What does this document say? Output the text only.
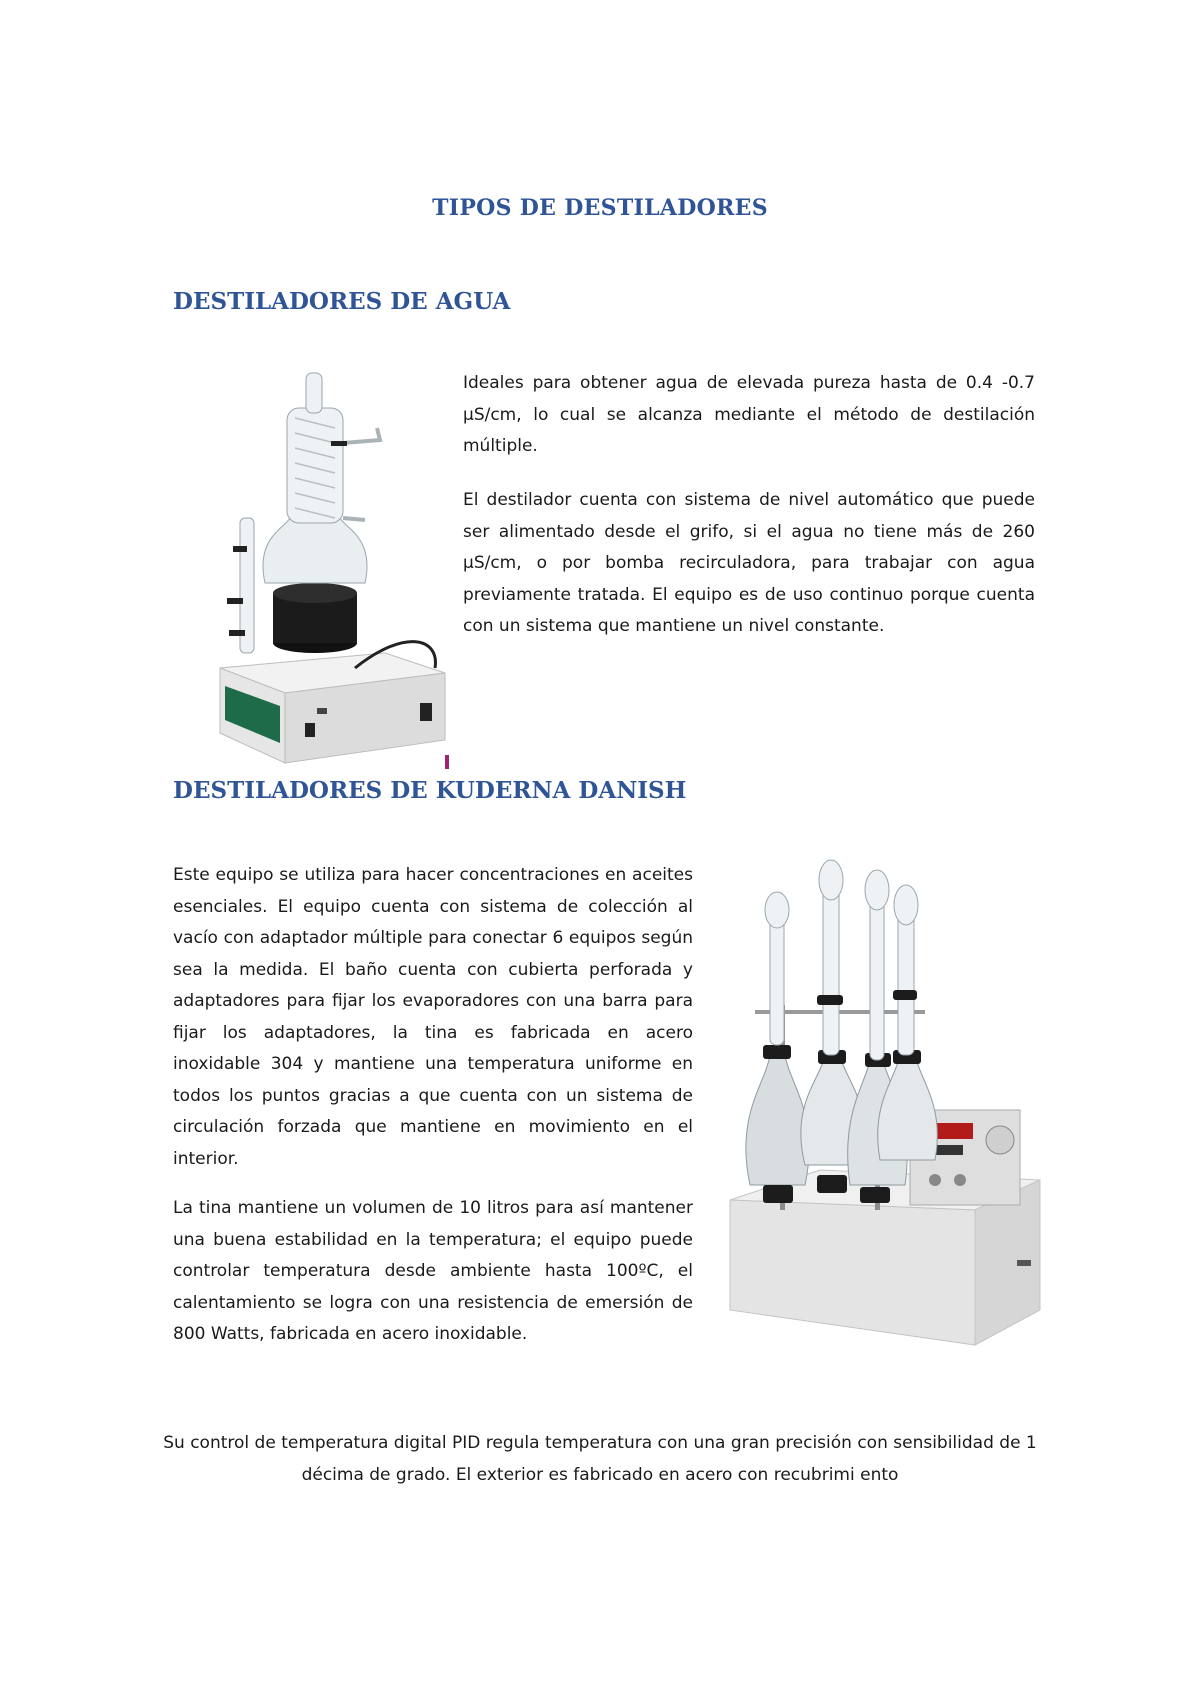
TIPOS DE DESTILADORES
DESTILADORES DE AGUA

Ideales para obtener agua de elevada pureza hasta de 0.4 -0.7 µS/cm, lo cual se alcanza mediante el método de destilación múltiple.

El destilador cuenta con sistema de nivel automático que puede ser alimentado desde el grifo, si el agua no tiene más de 260 µS/cm, o por bomba recirculadora, para trabajar con agua previamente tratada. El equipo es de uso continuo porque cuenta con un sistema que mantiene un nivel constante.

DESTILADORES DE KUDERNA DANISH

Este equipo se utiliza para hacer concentraciones en aceites esenciales. El equipo cuenta con sistema de colección al vacío con adaptador múltiple para conectar 6 equipos según sea la medida. El baño cuenta con cubierta perforada y adaptadores para fijar los evaporadores con una barra para fijar los adaptadores, la tina es fabricada en acero inoxidable 304 y mantiene una temperatura uniforme en todos los puntos gracias a que cuenta con un sistema de circulación forzada que mantiene en movimiento en el interior.

La tina mantiene un volumen de 10 litros para así mantener una buena estabilidad en la temperatura; el equipo puede controlar temperatura desde ambiente hasta 100ºC, el calentamiento se logra con una resistencia de emersión de 800 Watts, fabricada en acero inoxidable.

Su control de temperatura digital PID regula temperatura con una gran precisión con sensibilidad de 1 décima de grado. El exterior es fabricado en acero con recubrimi ento
